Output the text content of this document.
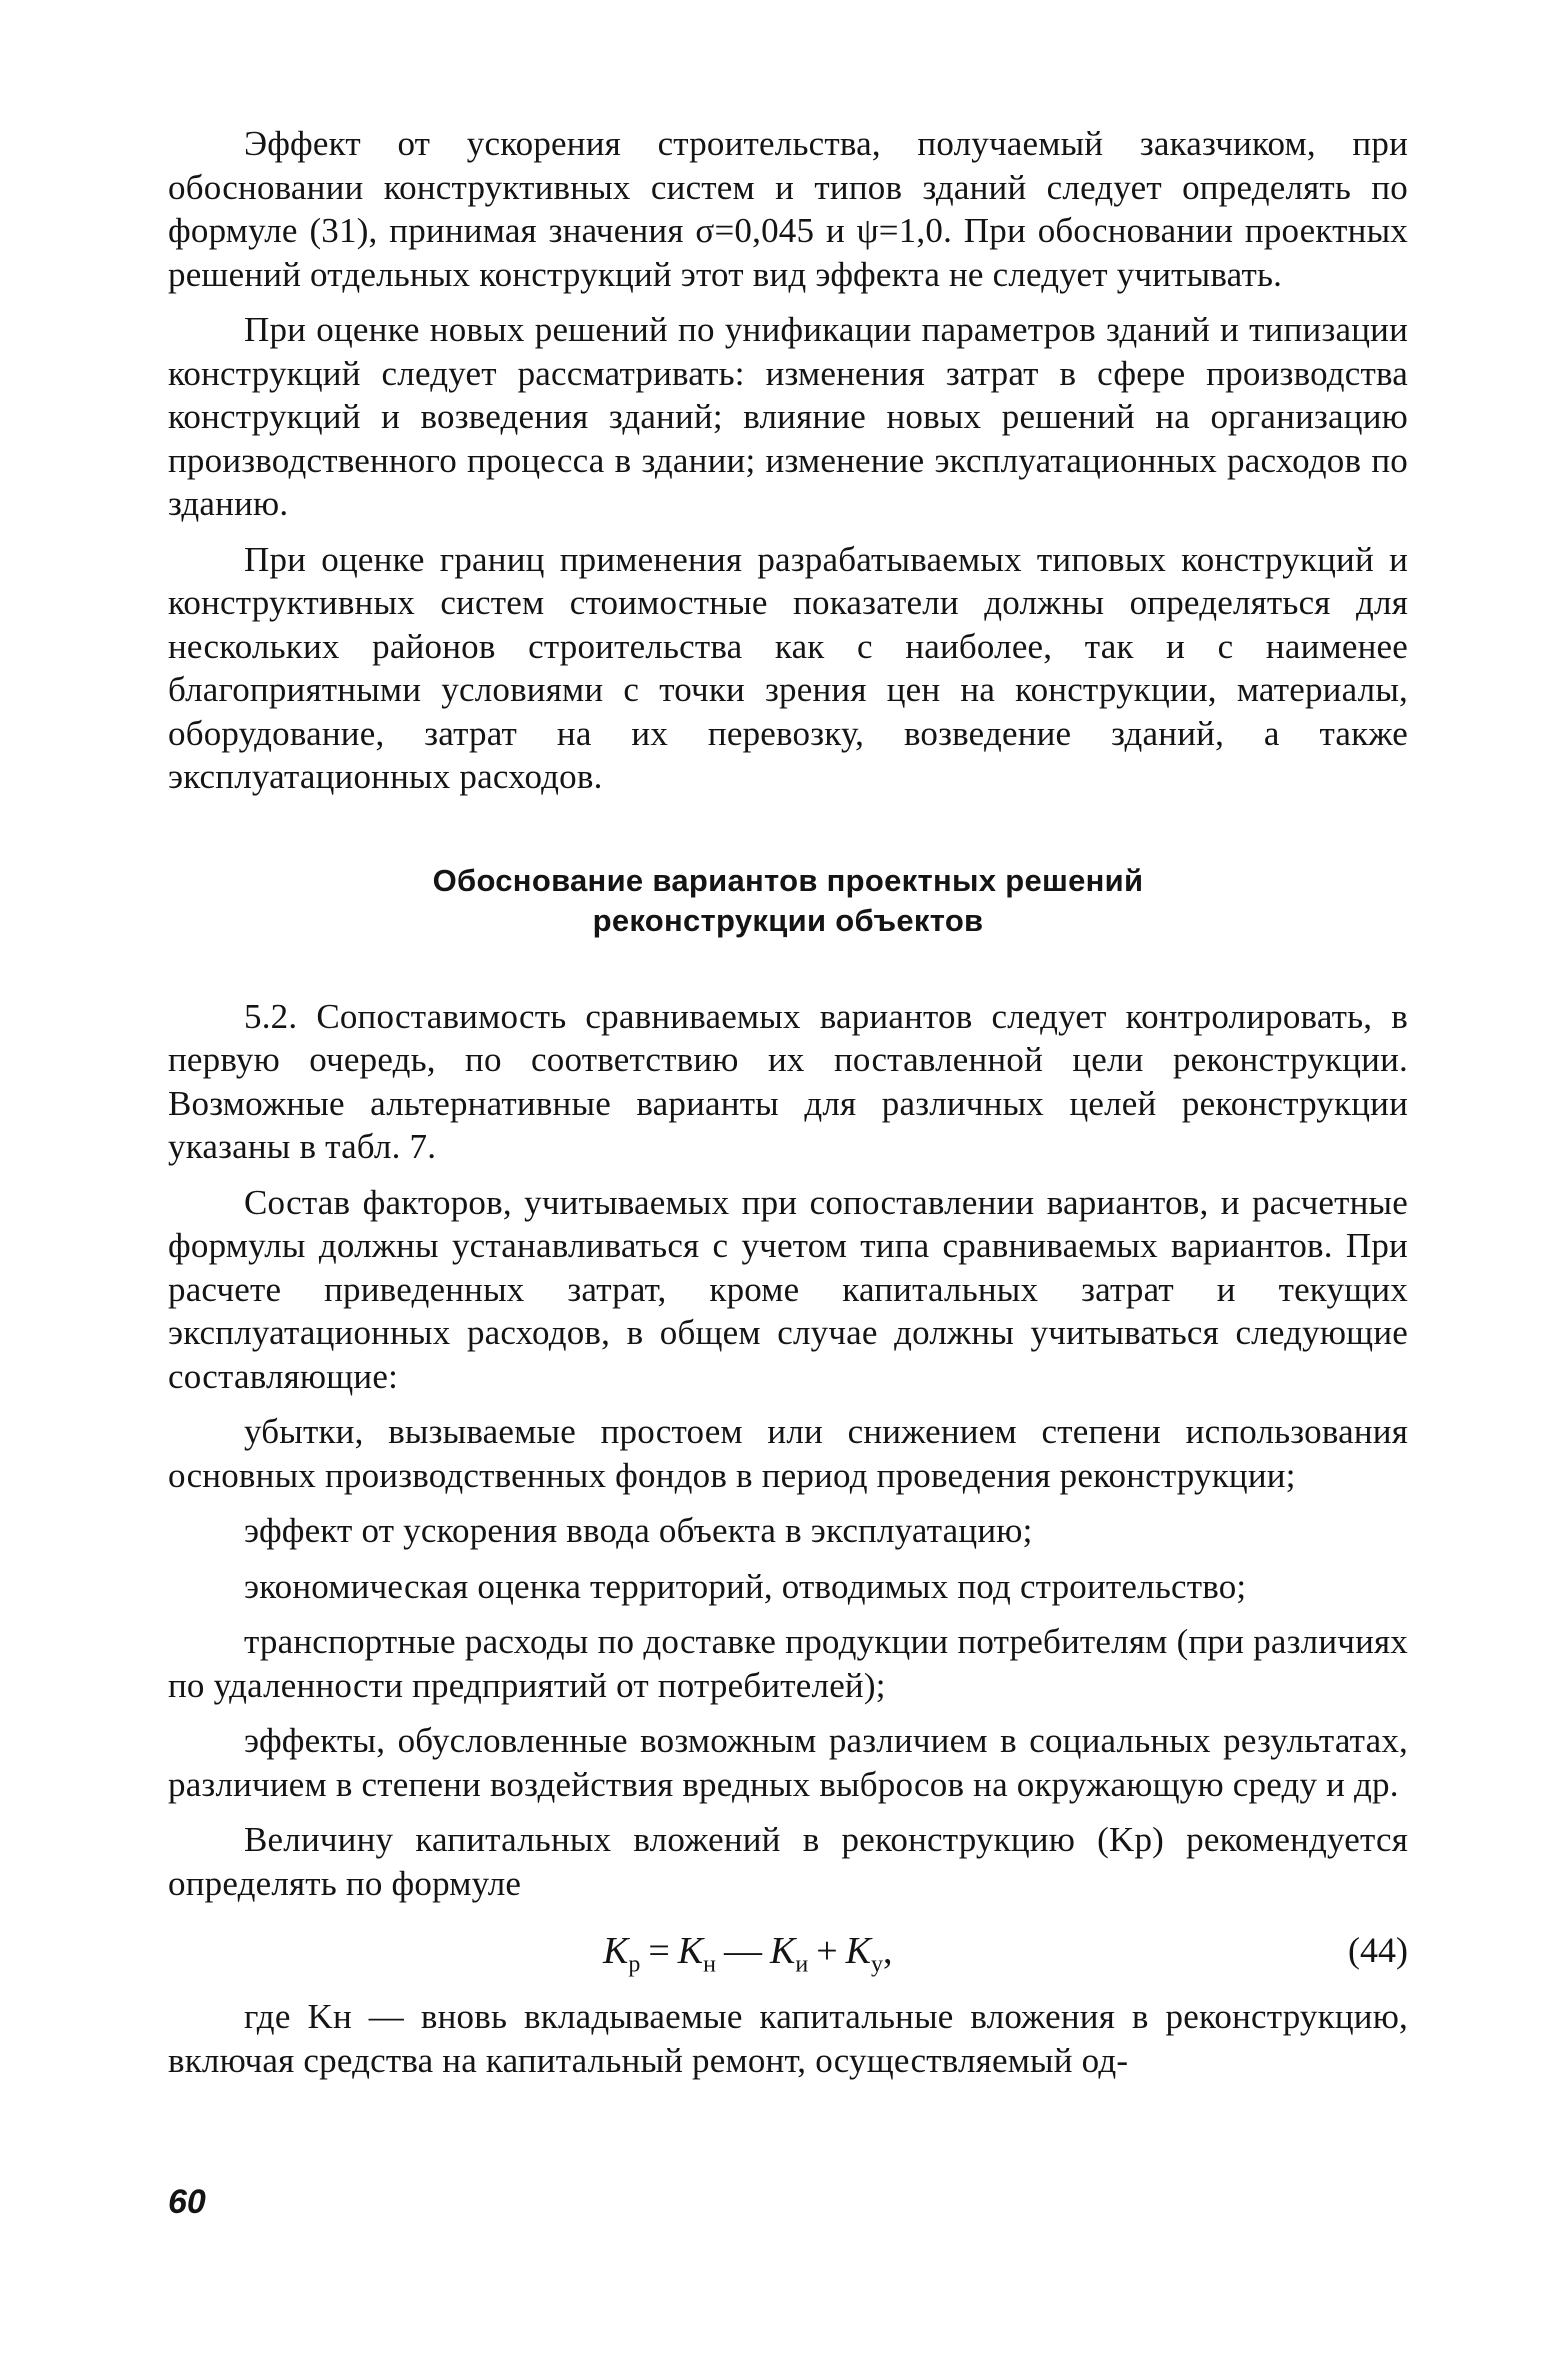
Эффект от ускорения строительства, получаемый заказчиком, при обосновании конструктивных систем и типов зданий следует определять по формуле (31), принимая значения σ=0,045 и ψ=1,0. При обосновании проектных решений отдельных конструкций этот вид эффекта не следует учитывать.

При оценке новых решений по унификации параметров зданий и типизации конструкций следует рассматривать: изменения затрат в сфере производства конструкций и возведения зданий; влияние новых решений на организацию производственного процесса в здании; изменение эксплуатационных расходов по зданию.

При оценке границ применения разрабатываемых типовых конструкций и конструктивных систем стоимостные показатели должны определяться для нескольких районов строительства как с наиболее, так и с наименее благоприятными условиями с точки зрения цен на конструкции, материалы, оборудование, затрат на их перевозку, возведение зданий, а также эксплуатационных расходов.

Обоснование вариантов проектных решений
реконструкции объектов

5.2. Сопоставимость сравниваемых вариантов следует контролировать, в первую очередь, по соответствию их поставленной цели реконструкции. Возможные альтернативные варианты для различных целей реконструкции указаны в табл. 7.

Состав факторов, учитываемых при сопоставлении вариантов, и расчетные формулы должны устанавливаться с учетом типа сравниваемых вариантов. При расчете приведенных затрат, кроме капитальных затрат и текущих эксплуатационных расходов, в общем случае должны учитываться следующие составляющие:

убытки, вызываемые простоем или снижением степени использования основных производственных фондов в период проведения реконструкции;

эффект от ускорения ввода объекта в эксплуатацию;

экономическая оценка территорий, отводимых под строительство;

транспортные расходы по доставке продукции потребителям (при различиях по удаленности предприятий от потребителей);

эффекты, обусловленные возможным различием в социальных результатах, различием в степени воздействия вредных выбросов на окружающую среду и др.

Величину капитальных вложений в реконструкцию (Kр) рекомендуется определять по формуле

$K_р = K_н$ — $K_и + K_у$,	(44)

где Kн — вновь вкладываемые капитальные вложения в реконструкцию, включая средства на капитальный ремонт, осуществляемый од-

60
